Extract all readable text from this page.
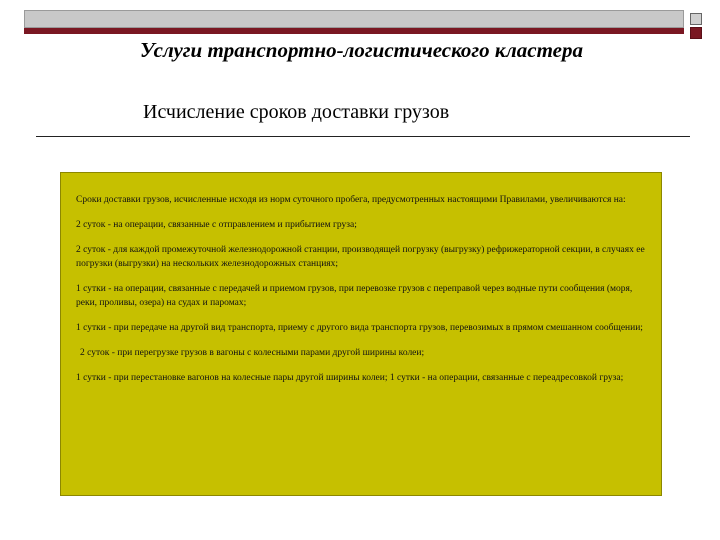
Услуги транспортно-логистического кластера
Исчисление сроков доставки грузов

Сроки доставки грузов, исчисленные исходя из норм суточного пробега, предусмотренных настоящими Правилами, увеличиваются на:

2 суток - на операции, связанные с отправлением и прибытием груза;

2 суток - для каждой промежуточной железнодорожной станции, производящей погрузку (выгрузку) рефрижераторной секции, в случаях ее погрузки (выгрузки) на нескольких железнодорожных станциях;

1 сутки - на операции, связанные с передачей и приемом грузов, при перевозке грузов с переправой через водные пути сообщения (моря, реки, проливы, озера) на судах и паромах;

1 сутки - при передаче на другой вид транспорта, приему с другого вида транспорта грузов, перевозимых в прямом смешанном сообщении;

2 суток - при перегрузке грузов в вагоны с колесными парами другой ширины колеи;

1 сутки - при перестановке вагонов на колесные пары другой ширины колеи; 1 сутки - на операции, связанные с переадресовкой груза;
